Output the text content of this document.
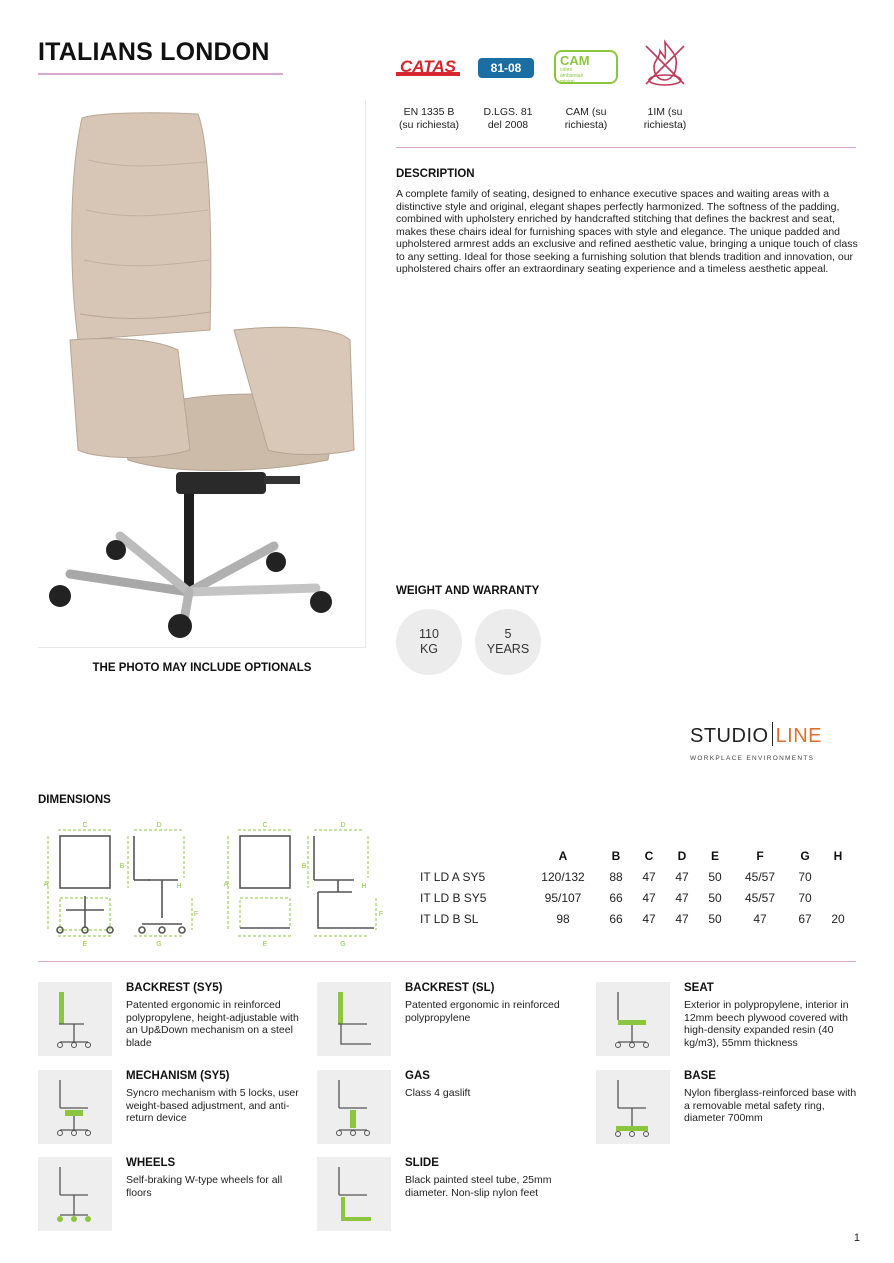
ITALIANS LONDON
CATAS	81-08	CAM
criteri ambientali minimi
EN 1335 B
(su richiesta)
D.LGS. 81
del 2008
CAM (su
richiesta)
1IM (su
richiesta)
DESCRIPTION
A complete family of seating, designed to enhance executive spaces and waiting areas with a distinctive style and original, elegant shapes perfectly harmonized. The softness of the padding, combined with upholstery enriched by handcrafted stitching that defines the backrest and seat, makes these chairs ideal for furnishing spaces with style and elegance. The unique padded and upholstered armrest adds an exclusive and refined aesthetic value, bringing a unique touch of class to any setting. Ideal for those seeking a furnishing solution that blends tradition and innovation, our upholstered chairs offer an extraordinary seating experience and a timeless aesthetic appeal.
THE PHOTO MAY INCLUDE OPTIONALS
WEIGHT AND WARRANTY
110
KG
5
YEARS
STUDIO LINE
WORKPLACE ENVIRONMENTS
DIMENSIONS
C	D	C	D
A	A
B	B
H	H
F	F
E	G	E	G
	A	B	C	D	E	F	G	H
IT LD A SY5	120/132	88	47	47	50	45/57	70	
IT LD B SY5	95/107	66	47	47	50	45/57	70	
IT LD B SL	98	66	47	47	50	47	67	20
BACKREST (SY5)
Patented ergonomic in reinforced polypropylene, height-adjustable with an Up&Down mechanism on a steel blade
BACKREST (SL)
Patented ergonomic in reinforced polypropylene
SEAT
Exterior in polypropylene, interior in 12mm beech plywood covered with high-density expanded resin (40 kg/m3), 55mm thickness
MECHANISM (SY5)
Syncro mechanism with 5 locks, user weight-based adjustment, and anti-return device
GAS
Class 4 gaslift
BASE
Nylon fiberglass-reinforced base with a removable metal safety ring, diameter 700mm
WHEELS
Self-braking W-type wheels for all floors
SLIDE
Black painted steel tube, 25mm diameter. Non-slip nylon feet
1
